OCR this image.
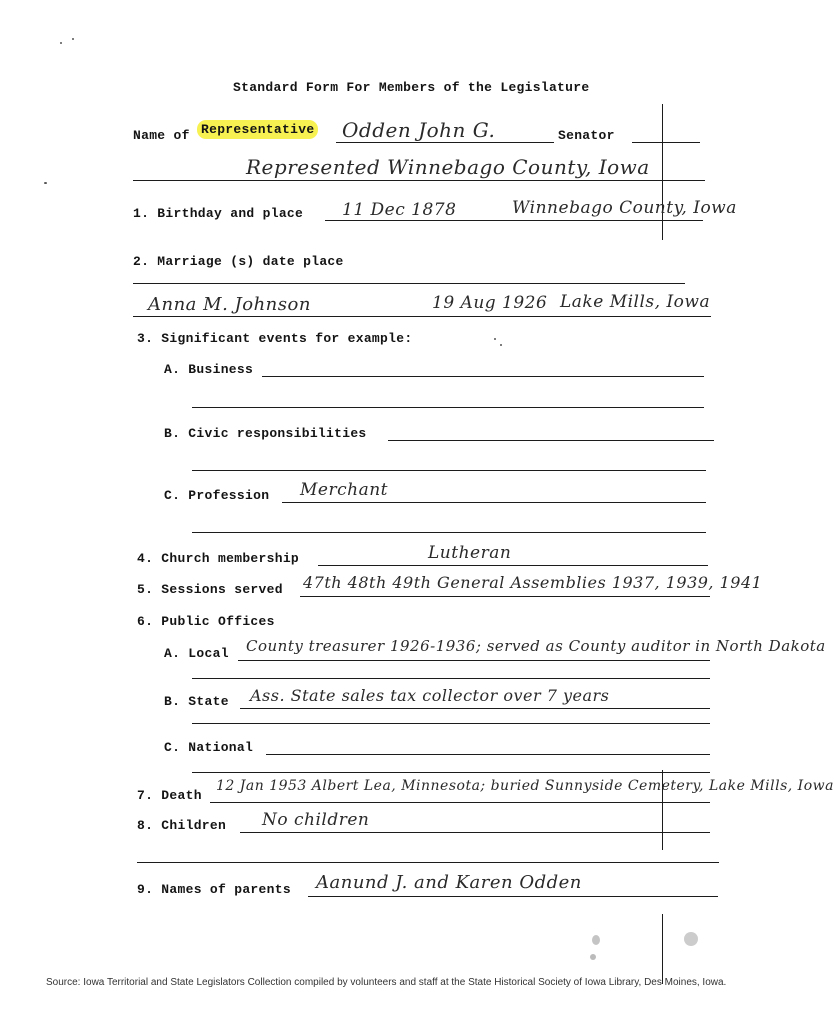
Standard Form For Members of the Legislature
Name of Representative Odden John G.	Senator
Represented Winnebago County, Iowa
1. Birthday and place 11 Dec 1878	Winnebago County, Iowa
2. Marriage (s) date place
Anna M. Johnson	19 Aug 1926 Lake Mills, Iowa
3. Significant events for example:
A. Business
B. Civic responsibilities
C. Profession Merchant
4. Church membership	Lutheran
5. Sessions served 47th 48th 49th General Assemblies 1937, 1939, 1941
6. Public Offices
A. Local County treasurer 1926-1936; served as County auditor in North Dakota
B. State Ass. State sales tax collector over 7 years
C. National
7. Death
12 Jan 1953 Albert Lea, Minnesota; buried Sunnyside Cemetery, Lake Mills, Iowa
8. Children No children
9. Names of parents Aanund J. and Karen Odden
Source: Iowa Territorial and State Legislators Collection compiled by volunteers and staff at the State Historical Society of Iowa Library, Des Moines, Iowa.
